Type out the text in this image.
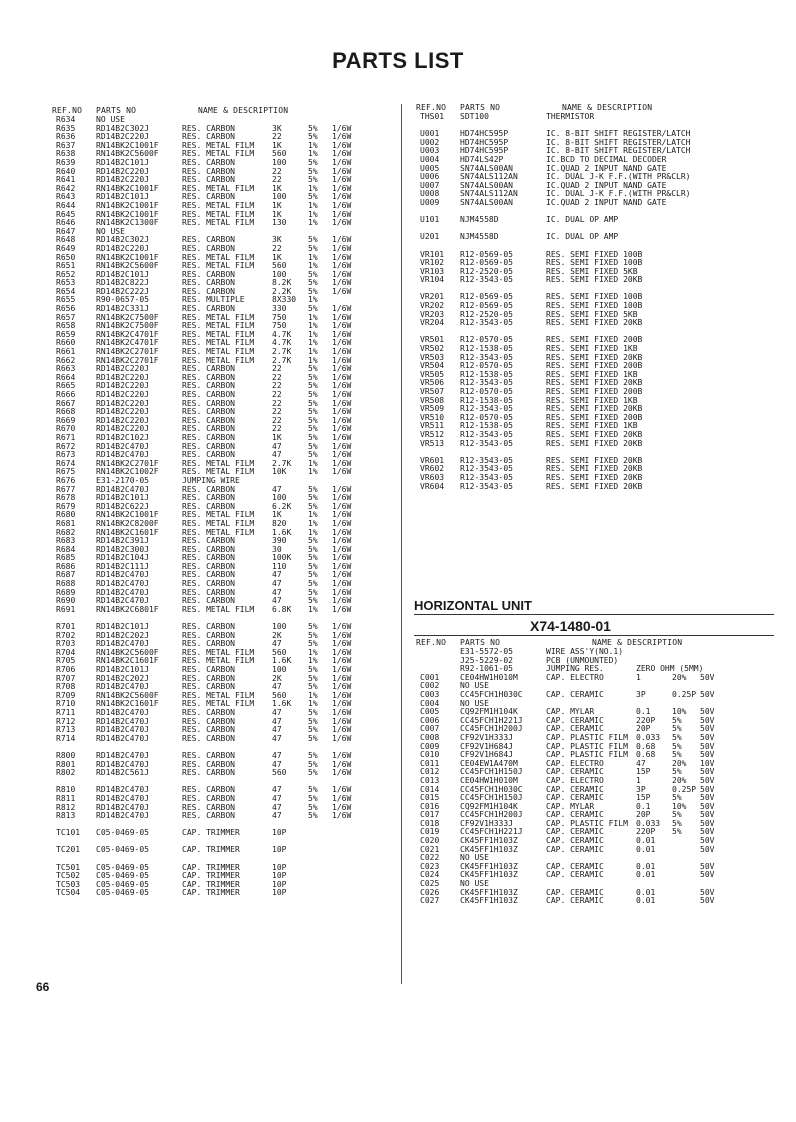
PARTS LIST
REF.NO PARTS NO	NAME & DESCRIPTION
R634	NO USE
R635	RD14B2C302J	RES. CARBON	3K	5% 1/6W
R636	RD14B2C220J	RES. CARBON	22	5% 1/6W
R637	RN14BK2C1001F	RES. METAL FILM 1K	1% 1/6W
R638	RN14BK2C5600F	RES. METAL FILM 560	1% 1/6W
R639	RD14B2C101J	RES. CARBON	100	5% 1/6W
R640	RD14B2C220J	RES. CARBON	22	5% 1/6W
R641	RD14B2C220J	RES. CARBON	22	5% 1/6W
R642	RN14BK2C1001F	RES. METAL FILM 1K	1% 1/6W
R643	RD14B2C101J	RES. CARBON	100	5% 1/6W
R644	RN14BK2C1001F	RES. METAL FILM 1K	1% 1/6W
R645	RN14BK2C1001F	RES. METAL FILM 1K	1% 1/6W
R646	RN14BK2C1300F	RES. METAL FILM 130	1% 1/6W
R647	NO USE
R648	RD14B2C302J	RES. CARBON	3K	5% 1/6W
R649	RD14B2C220J	RES. CARBON	22	5% 1/6W
R650	RN14BK2C1001F	RES. METAL FILM 1K	1% 1/6W
R651	RN14BK2C5600F	RES. METAL FILM 560	1% 1/6W
R652	RD14B2C101J	RES. CARBON	100	5% 1/6W
R653	RD14B2C822J	RES. CARBON	8.2K 5% 1/6W
R654	RD14B2C222J	RES. CARBON	2.2K 5% 1/6W
R655	R90-0657-05	RES. MULTIPLE	8X330 1%
R656	RD14B2C331J	RES. CARBON	330	5% 1/6W
R657	RN14BK2C7500F	RES. METAL FILM 750	1% 1/6W
R658	RN14BK2C7500F	RES. METAL FILM 750	1% 1/6W
R659	RN14BK2C4701F	RES. METAL FILM 4.7K 1% 1/6W
R660	RN14BK2C4701F	RES. METAL FILM 4.7K 1% 1/6W
R661	RN14BK2C2701F	RES. METAL FILM 2.7K 1% 1/6W
R662	RN14BK2C2701F	RES. METAL FILM 2.7K 1% 1/6W
R663	RD14B2C220J	RES. CARBON	22	5% 1/6W
R664	RD14B2C220J	RES. CARBON	22	5% 1/6W
R665	RD14B2C220J	RES. CARBON	22	5% 1/6W
R666	RD14B2C220J	RES. CARBON	22	5% 1/6W
R667	RD14B2C220J	RES. CARBON	22	5% 1/6W
R668	RD14B2C220J	RES. CARBON	22	5% 1/6W
R669	RD14B2C220J	RES. CARBON	22	5% 1/6W
R670	RD14B2C220J	RES. CARBON	22	5% 1/6W
R671	RD14B2C102J	RES. CARBON	1K	5% 1/6W
R672	RD14B2C470J	RES. CARBON	47	5% 1/6W
R673	RD14B2C470J	RES. CARBON	47	5% 1/6W
R674	RN14BK2C2701F	RES. METAL FILM 2.7K 1% 1/6W
R675	RN14BK2C1002F	RES. METAL FILM 10K	1% 1/6W
R676	E31-2170-05	JUMPING WIRE
R677	RD14B2C470J	RES. CARBON	47	5% 1/6W
R678	RD14B2C101J	RES. CARBON	100	5% 1/6W
R679	RD14B2C622J	RES. CARBON	6.2K 5% 1/6W
R680	RN14BK2C1001F	RES. METAL FILM 1K	1% 1/6W
R681	RN14BK2C8200F	RES. METAL FILM 820	1% 1/6W
R682	RN14BK2C1601F	RES. METAL FILM 1.6K 1% 1/6W
R683	RD14B2C391J	RES. CARBON	390	5% 1/6W
R684	RD14B2C300J	RES. CARBON	30	5% 1/6W
R685	RD14B2C104J	RES. CARBON	100K 5% 1/6W
R686	RD14B2C111J	RES. CARBON	110	5% 1/6W
R687	RD14B2C470J	RES. CARBON	47	5% 1/6W
R688	RD14B2C470J	RES. CARBON	47	5% 1/6W
R689	RD14B2C470J	RES. CARBON	47	5% 1/6W
R690	RD14B2C470J	RES. CARBON	47	5% 1/6W
R691	RN14BK2C6801F	RES. METAL FILM 6.8K 1% 1/6W
R701	RD14B2C101J	RES. CARBON	100	5% 1/6W
R702	RD14B2C202J	RES. CARBON	2K	5% 1/6W
R703	RD14B2C470J	RES. CARBON	47	5% 1/6W
R704	RN14BK2C5600F	RES. METAL FILM 560	1% 1/6W
R705	RN14BK2C1601F	RES. METAL FILM 1.6K 1% 1/6W
R706	RD14B2C101J	RES. CARBON	100	5% 1/6W
R707	RD14B2C202J	RES. CARBON	2K	5% 1/6W
R708	RD14B2C470J	RES. CARBON	47	5% 1/6W
R709	RN14BK2C5600F	RES. METAL FILM 560	1% 1/6W
R710	RN14BK2C1601F	RES. METAL FILM 1.6K 1% 1/6W
R711	RD14B2C470J	RES. CARBON	47	5% 1/6W
R712	RD14B2C470J	RES. CARBON	47	5% 1/6W
R713	RD14B2C470J	RES. CARBON	47	5% 1/6W
R714	RD14B2C470J	RES. CARBON	47	5% 1/6W
R800	RD14B2C470J	RES. CARBON	47	5% 1/6W
R801	RD14B2C470J	RES. CARBON	47	5% 1/6W
R802	RD14B2C561J	RES. CARBON	560	5% 1/6W
R810	RD14B2C470J	RES. CARBON	47	5% 1/6W
R811	RD14B2C470J	RES. CARBON	47	5% 1/6W
R812	RD14B2C470J	RES. CARBON	47	5% 1/6W
R813	RD14B2C470J	RES. CARBON	47	5% 1/6W
TC101 C05-0469-05	CAP. TRIMMER	10P
TC201 C05-0469-05	CAP. TRIMMER	10P
TC501 C05-0469-05	CAP. TRIMMER	10P
TC502 C05-0469-05	CAP. TRIMMER	10P
TC503 C05-0469-05	CAP. TRIMMER	10P
TC504 C05-0469-05	CAP. TRIMMER	10P
REF.NO PARTS NO	NAME & DESCRIPTION
THS01 SDT100	THERMISTOR
U001	HD74HC595P	IC. 8-BIT SHIFT REGISTER/LATCH
U002	HD74HC595P	IC. 8-BIT SHIFT REGISTER/LATCH
U003	HD74HC595P	IC. 8-BIT SHIFT REGISTER/LATCH
U004	HD74LS42P	IC.BCD TO DECIMAL DECODER
U005	SN74ALS00AN	IC.QUAD 2 INPUT NAND GATE
U006	SN74ALS112AN	IC. DUAL J-K F.F.(WITH PR&CLR)
U007	SN74ALS00AN	IC.QUAD 2 INPUT NAND GATE
U008	SN74ALS112AN	IC. DUAL J-K F.F.(WITH PR&CLR)
U009	SN74ALS00AN	IC.QUAD 2 INPUT NAND GATE
U101	NJM4558D	IC. DUAL OP AMP
U201	NJM4558D	IC. DUAL OP AMP
VR101 R12-0569-05	RES. SEMI FIXED 100B
VR102 R12-0569-05	RES. SEMI FIXED 100B
VR103 R12-2520-05	RES. SEMI FIXED 5KB
VR104 R12-3543-05	RES. SEMI FIXED 20KB
VR201 R12-0569-05	RES. SEMI FIXED 100B
VR202 R12-0569-05	RES. SEMI FIXED 100B
VR203 R12-2520-05	RES. SEMI FIXED 5KB
VR204 R12-3543-05	RES. SEMI FIXED 20KB
VR501 R12-0570-05	RES. SEMI FIXED 200B
VR502 R12-1538-05	RES. SEMI FIXED 1KB
VR503 R12-3543-05	RES. SEMI FIXED 20KB
VR504 R12-0570-05	RES. SEMI FIXED 200B
VR505 R12-1538-05	RES. SEMI FIXED 1KB
VR506 R12-3543-05	RES. SEMI FIXED 20KB
VR507 R12-0570-05	RES. SEMI FIXED 200B
VR508 R12-1538-05	RES. SEMI FIXED 1KB
VR509 R12-3543-05	RES. SEMI FIXED 20KB
VR510 R12-0570-05	RES. SEMI FIXED 200B
VR511 R12-1538-05	RES. SEMI FIXED 1KB
VR512 R12-3543-05	RES. SEMI FIXED 20KB
VR513 R12-3543-05	RES. SEMI FIXED 20KB
VR601 R12-3543-05	RES. SEMI FIXED 20KB
VR602 R12-3543-05	RES. SEMI FIXED 20KB
VR603 R12-3543-05	RES. SEMI FIXED 20KB
VR604 R12-3543-05	RES. SEMI FIXED 20KB
HORIZONTAL UNIT
X74-1480-01
REF.NO PARTS NO	NAME & DESCRIPTION
E31-5572-05	WIRE ASS'Y(NO.1)
J25-5229-02	PCB (UNMOUNTED)
R92-1061-05	JUMPING RES.	ZERO OHM (5MM)
C001	CE04HW1H010M	CAP. ELECTRO	1	20% 50V
C002	NO USE
C003	CC45FCH1H030C	CAP. CERAMIC	3P	0.25P 50V
C004	NO USE
C005	CQ92FM1H104K	CAP. MYLAR	0.1	10% 50V
C006	CC45FCH1H221J	CAP. CERAMIC	220P 5% 50V
C007	CC45FCH1H200J	CAP. CERAMIC	20P	5% 50V
C008	CF92V1H333J	CAP. PLASTIC FILM 0.033 5% 50V
C009	CF92V1H684J	CAP. PLASTIC FILM 0.68 5% 50V
C010	CF92V1H684J	CAP. PLASTIC FILM 0.68 5% 50V
C011	CE04EW1A470M	CAP. ELECTRO	47	20% 10V
C012	CC45FCH1H150J	CAP. CERAMIC	15P	5% 50V
C013	CE04HW1H010M	CAP. ELECTRO	1	20% 50V
C014	CC45FCH1H030C	CAP. CERAMIC	3P	0.25P 50V
C015	CC45FCH1H150J	CAP. CERAMIC	15P	5% 50V
C016	CQ92FM1H104K	CAP. MYLAR	0.1	10% 50V
C017	CC45FCH1H200J	CAP. CERAMIC	20P	5% 50V
C018	CF92V1H333J	CAP. PLASTIC FILM 0.033 5% 50V
C019	CC45FCH1H221J	CAP. CERAMIC	220P 5% 50V
C020	CK45FF1H103Z	CAP. CERAMIC	0.01	50V
C021	CK45FF1H103Z	CAP. CERAMIC	0.01	50V
C022	NO USE
C023	CK45FF1H103Z	CAP. CERAMIC	0.01	50V
C024	CK45FF1H103Z	CAP. CERAMIC	0.01	50V
C025	NO USE
C026	CK45FF1H103Z	CAP. CERAMIC	0.01	50V
C027	CK45FF1H103Z	CAP. CERAMIC	0.01	50V
66
